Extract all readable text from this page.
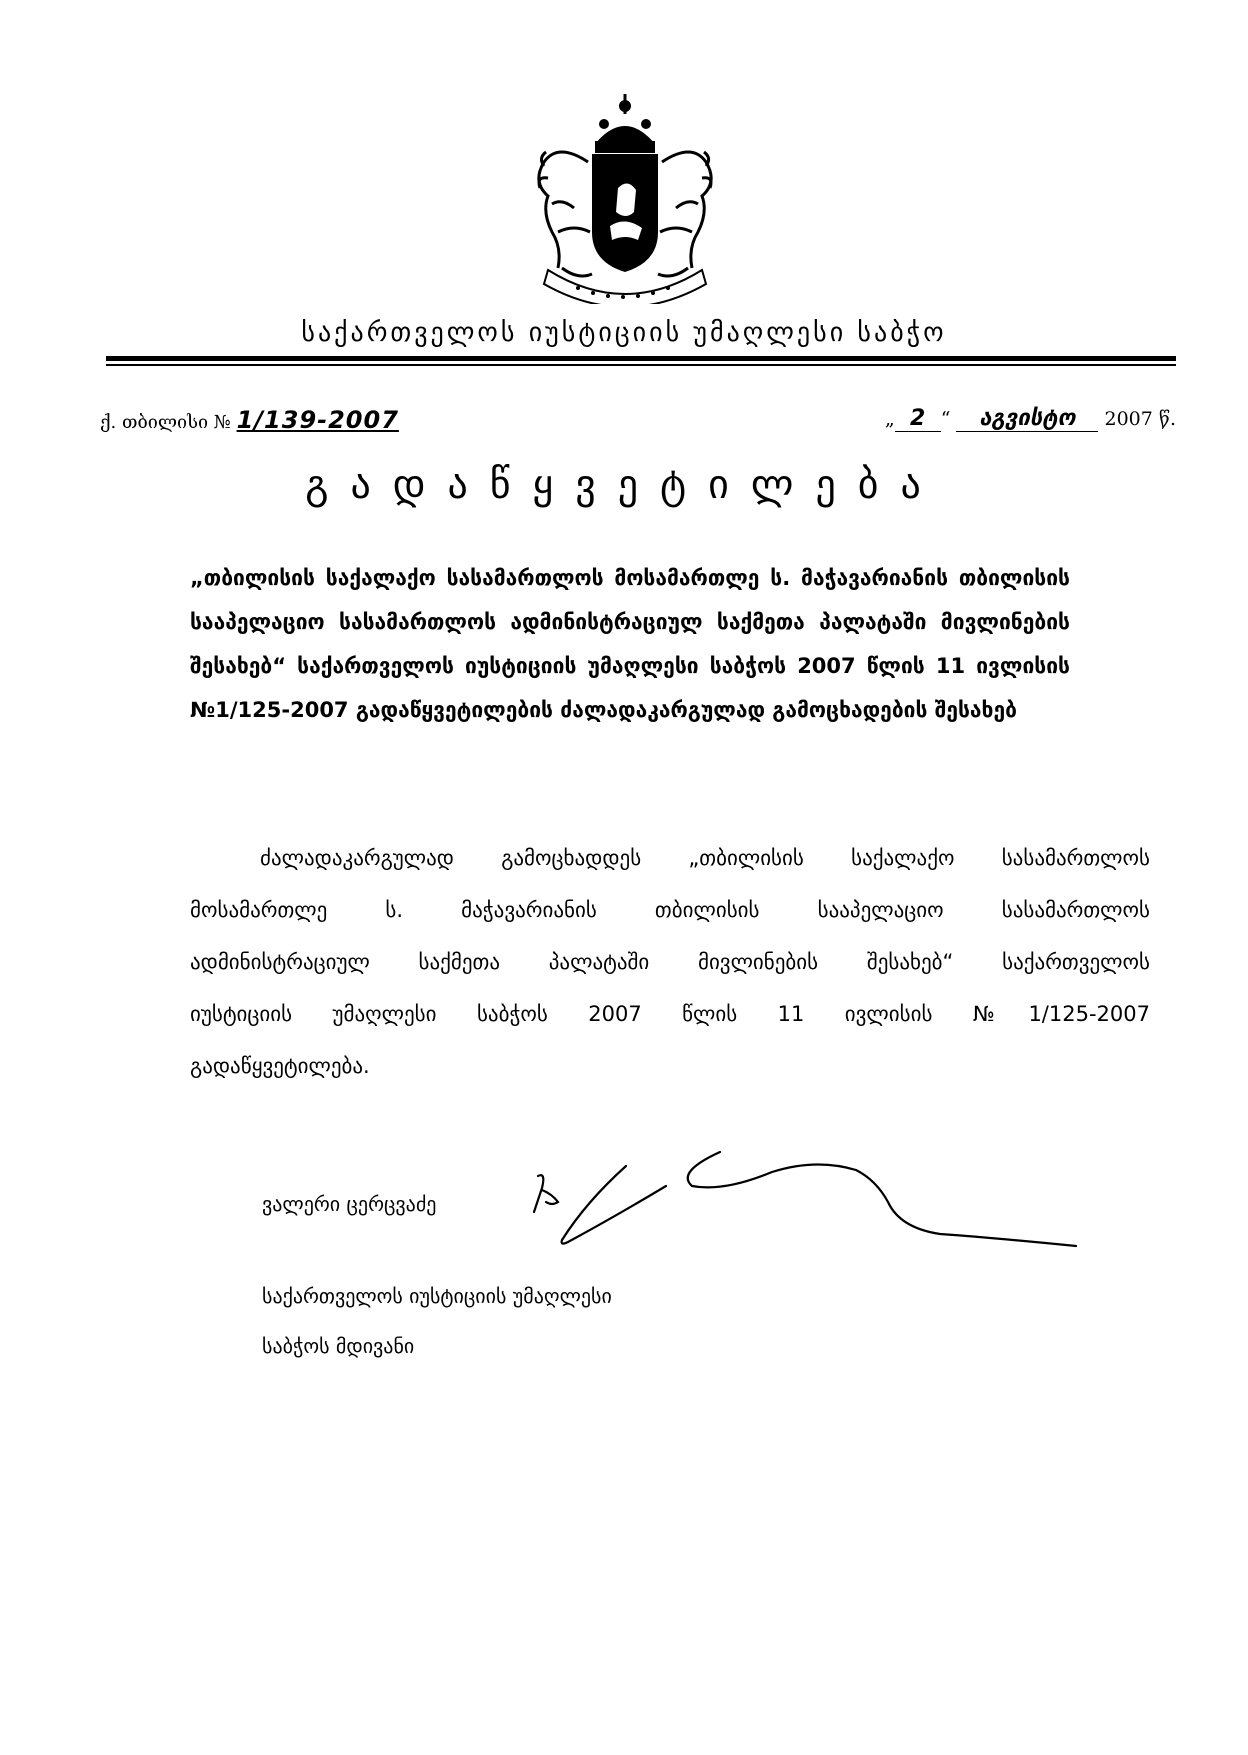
საქართველოს იუსტიციის უმაღლესი საბჭო
ქ. თბილისი № 1/139-2007	„ 2 “ აგვისტო 2007 წ.
გადაწყვეტილება
„თბილისის საქალაქო სასამართლოს მოსამართლე ს. მაჭავარიანის თბილისის
სააპელაციო სასამართლოს ადმინისტრაციულ საქმეთა პალატაში მივლინების
შესახებ“ საქართველოს იუსტიციის უმაღლესი საბჭოს 2007 წლის 11 ივლისის
№1/125-2007 გადაწყვეტილების ძალადაკარგულად გამოცხადების შესახებ
ძალადაკარგულად გამოცხადდეს „თბილისის საქალაქო სასამართლოს
მოსამართლე ს. მაჭავარიანის თბილისის სააპელაციო სასამართლოს
ადმინისტრაციულ საქმეთა პალატაში მივლინების შესახებ“ საქართველოს
იუსტიციის უმაღლესი საბჭოს 2007 წლის 11 ივლისის №1/125-2007
გადაწყვეტილება.
ვალერი ცერცვაძე
საქართველოს იუსტიციის უმაღლესი
საბჭოს მდივანი
